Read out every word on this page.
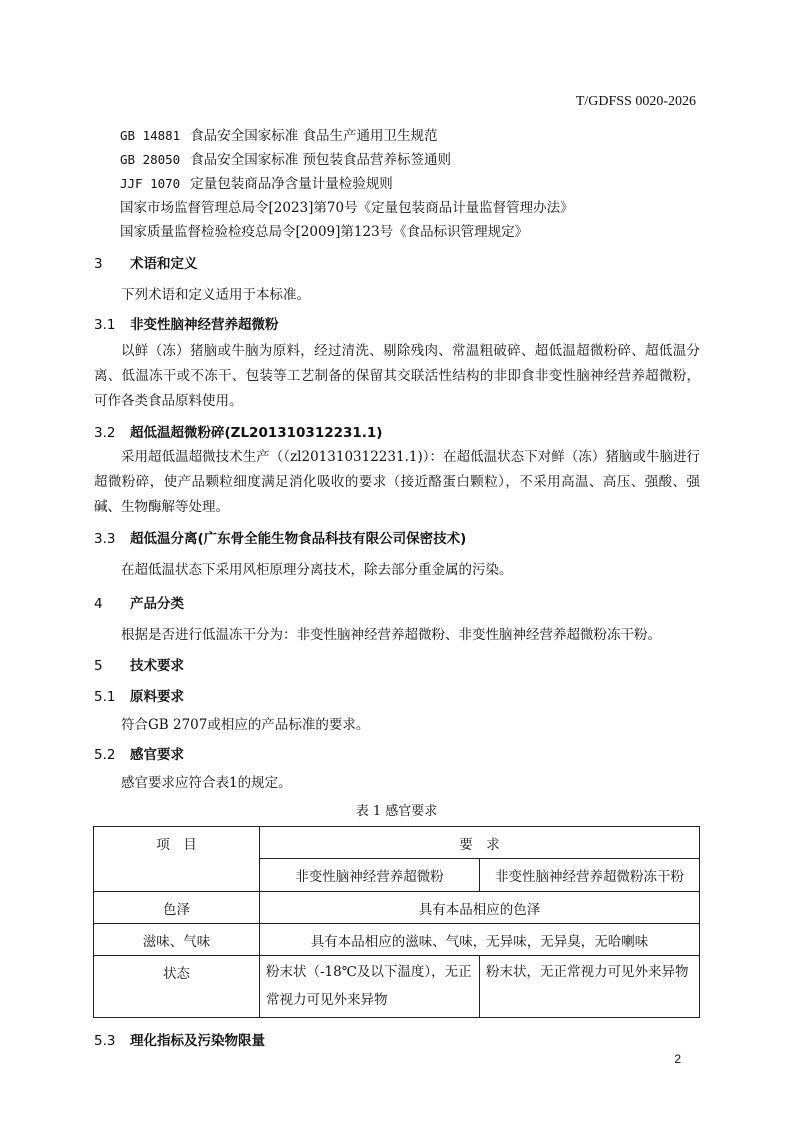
T/GDFSS 0020-2026
GB 14881 食品安全国家标准 食品生产通用卫生规范
GB 28050 食品安全国家标准 预包装食品营养标签通则
JJF 1070 定量包装商品净含量计量检验规则
国家市场监督管理总局令[2023]第70号《定量包装商品计量监督管理办法》
国家质量监督检验检疫总局令[2009]第123号《食品标识管理规定》
3 术语和定义
下列术语和定义适用于本标准。
3.1 非变性脑神经营养超微粉
以鲜（冻）猪脑或牛脑为原料，经过清洗、剔除残肉、常温粗破碎、超低温超微粉碎、超低温分离、低温冻干或不冻干、包装等工艺制备的保留其交联活性结构的非即食非变性脑神经营养超微粉，可作各类食品原料使用。
3.2 超低温超微粉碎(ZL201310312231.1)
采用超低温超微技术生产（（zl201310312231.1)）：在超低温状态下对鲜（冻）猪脑或牛脑进行超微粉碎，使产品颗粒细度满足消化吸收的要求（接近酪蛋白颗粒），不采用高温、高压、强酸、强碱、生物酶解等处理。
3.3 超低温分离(广东骨全能生物食品科技有限公司保密技术)
在超低温状态下采用风柜原理分离技术，除去部分重金属的污染。
4 产品分类
根据是否进行低温冻干分为：非变性脑神经营养超微粉、非变性脑神经营养超微粉冻干粉。
5 技术要求
5.1 原料要求
符合GB 2707或相应的产品标准的要求。
5.2 感官要求
感官要求应符合表1的规定。
表 1 感官要求
项　目	要　求	
	非变性脑神经营养超微粉	非变性脑神经营养超微粉冻干粉
色泽	具有本品相应的色泽	
滋味、气味	具有本品相应的滋味、气味，无异味，无异臭，无哈喇味	
状态	粉末状（-18℃及以下温度），无正常视力可见外来异物	粉末状，无正常视力可见外来异物
5.3 理化指标及污染物限量
2
